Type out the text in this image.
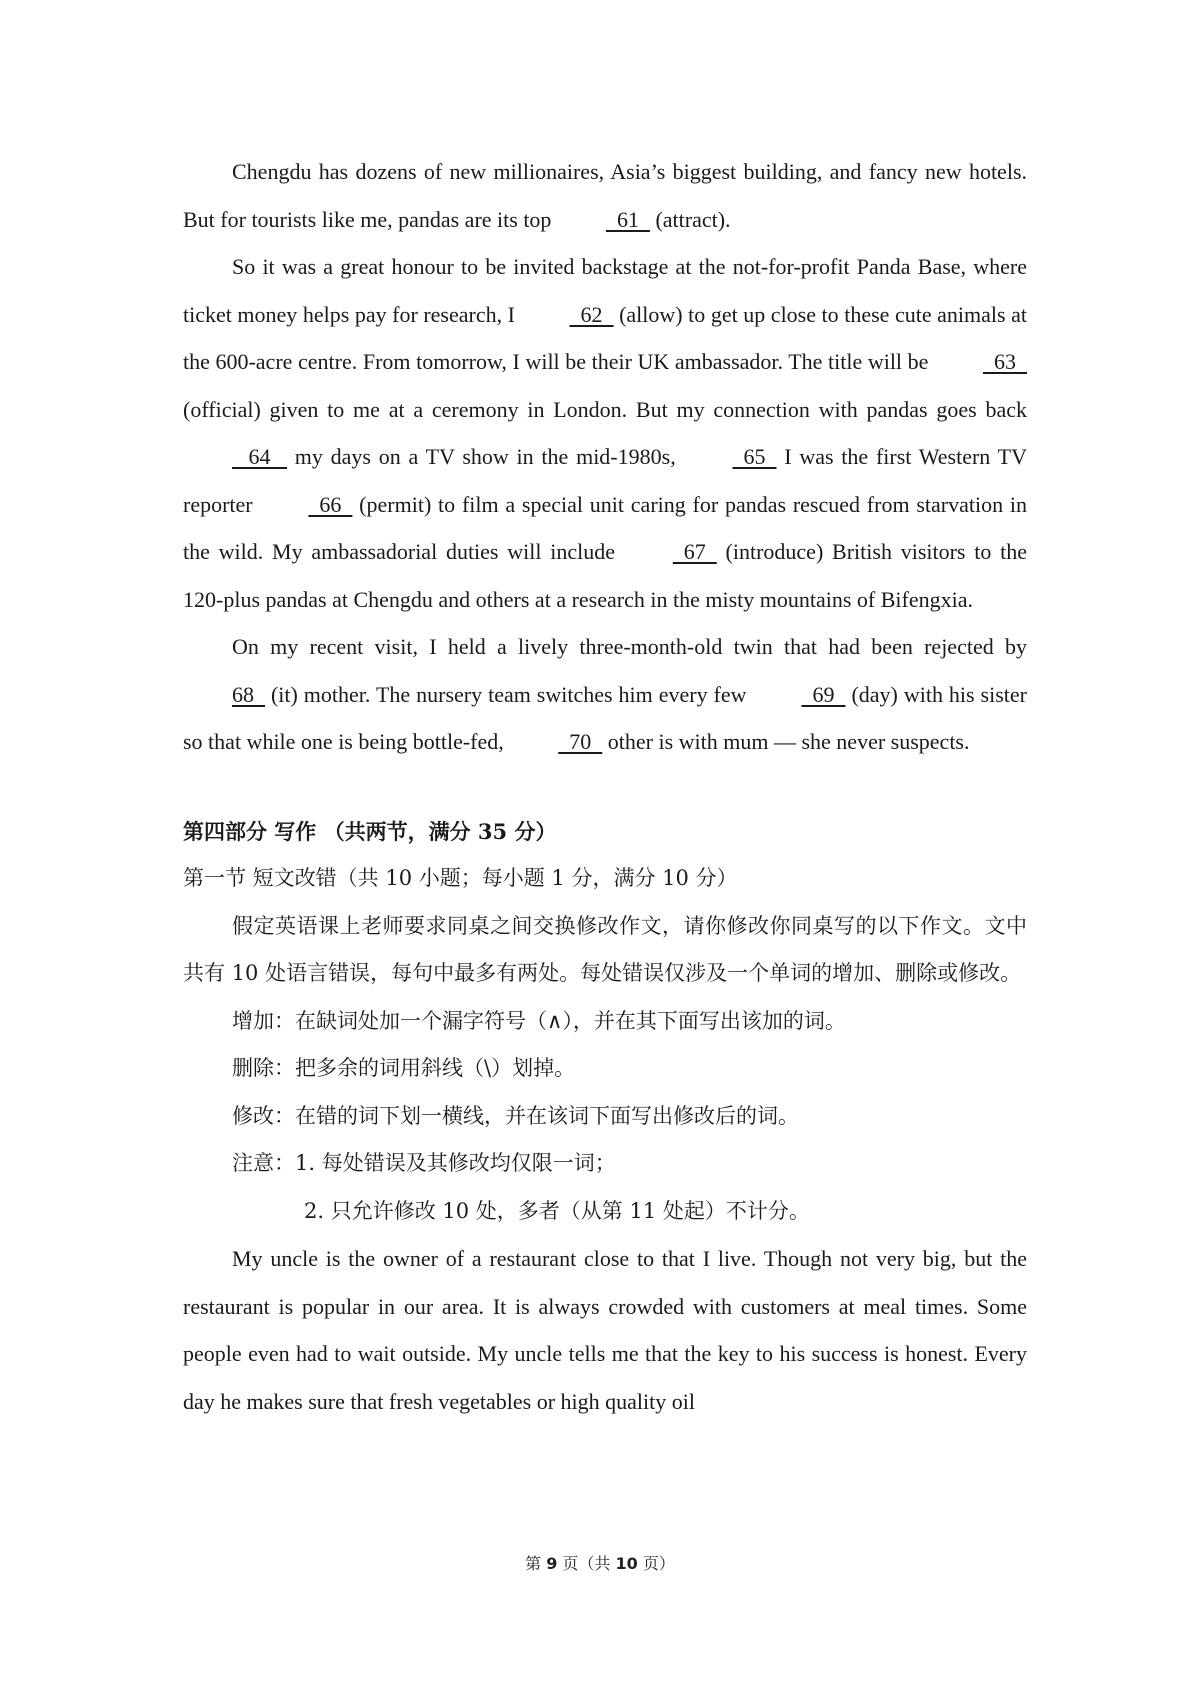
Chengdu has dozens of new millionaires, Asia’s biggest building, and fancy new hotels. But for tourists like me, pandas are its top   61   (attract).

So it was a great honour to be invited backstage at the not-for-profit Panda Base, where ticket money helps pay for research, I   62   (allow) to get up close to these cute animals at the 600-acre centre. From tomorrow, I will be their UK ambassador. The title will be   63   (official) given to me at a ceremony in London. But my connection with pandas goes back    64    my days on a TV show in the mid-1980s,   65   I was the first Western TV reporter   66   (permit) to film a special unit caring for pandas rescued from starvation in the wild. My ambassadorial duties will include   67   (introduce) British visitors to the 120-plus pandas at Chengdu and others at a research in the misty mountains of Bifengxia.

On my recent visit, I held a lively three-month-old twin that had been rejected by 68   (it) mother. The nursery team switches him every few   69   (day) with his sister so that while one is being bottle-fed,   70   other is with mum — she never suspects.

第四部分 写作 （共两节，满分 35 分）

第一节 短文改错（共 10 小题；每小题 1 分，满分 10 分）

假定英语课上老师要求同桌之间交换修改作文，请你修改你同桌写的以下作文。文中共有 10 处语言错误，每句中最多有两处。每处错误仅涉及一个单词的增加、删除或修改。

增加：在缺词处加一个漏字符号（∧），并在其下面写出该加的词。

删除：把多余的词用斜线（\）划掉。

修改：在错的词下划一横线，并在该词下面写出修改后的词。

注意：1. 每处错误及其修改均仅限一词；

2. 只允许修改 10 处，多者（从第 11 处起）不计分。

My uncle is the owner of a restaurant close to that I live. Though not very big, but the restaurant is popular in our area. It is always crowded with customers at meal times. Some people even had to wait outside. My uncle tells me that the key to his success is honest. Every day he makes sure that fresh vegetables or high quality oil

第 9 页（共 10 页）
